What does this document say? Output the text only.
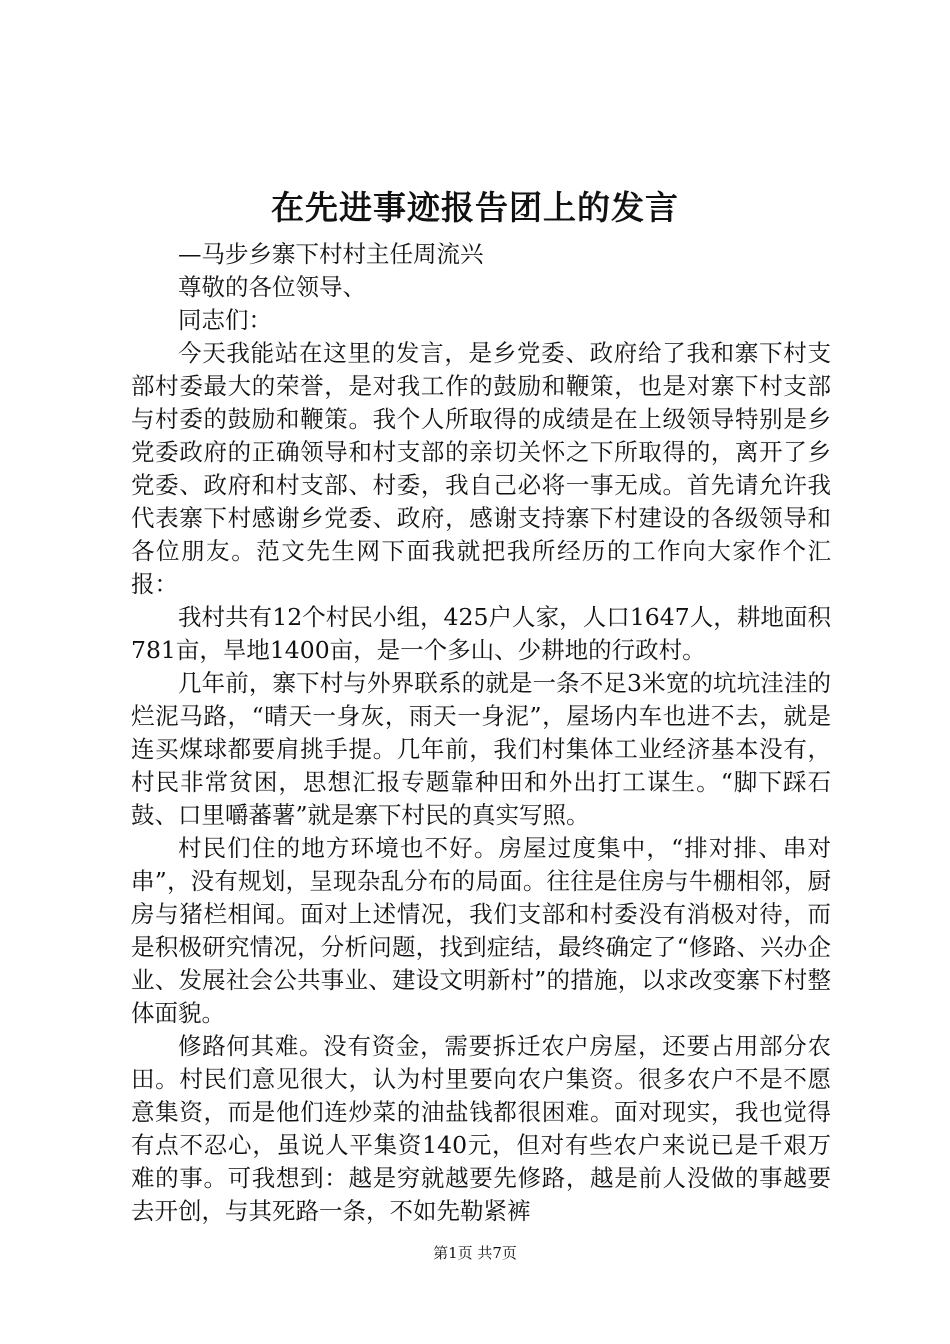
在先进事迹报告团上的发言

—马步乡寨下村村主任周流兴

尊敬的各位领导、

同志们：

今天我能站在这里的发言，是乡党委、政府给了我和寨下村支部村委最大的荣誉，是对我工作的鼓励和鞭策，也是对寨下村支部与村委的鼓励和鞭策。我个人所取得的成绩是在上级领导特别是乡党委政府的正确领导和村支部的亲切关怀之下所取得的，离开了乡党委、政府和村支部、村委，我自己必将一事无成。首先请允许我代表寨下村感谢乡党委、政府，感谢支持寨下村建设的各级领导和各位朋友。范文先生网下面我就把我所经历的工作向大家作个汇报：

我村共有12个村民小组，425户人家，人口1647人，耕地面积781亩，旱地1400亩，是一个多山、少耕地的行政村。

几年前，寨下村与外界联系的就是一条不足3米宽的坑坑洼洼的烂泥马路，“晴天一身灰，雨天一身泥”，屋场内车也进不去，就是连买煤球都要肩挑手提。几年前，我们村集体工业经济基本没有，村民非常贫困，思想汇报专题靠种田和外出打工谋生。“脚下踩石鼓、口里嚼蕃薯”就是寨下村民的真实写照。

村民们住的地方环境也不好。房屋过度集中，“排对排、串对串”，没有规划，呈现杂乱分布的局面。往往是住房与牛棚相邻，厨房与猪栏相闻。面对上述情况，我们支部和村委没有消极对待，而是积极研究情况，分析问题，找到症结，最终确定了“修路、兴办企业、发展社会公共事业、建设文明新村”的措施，以求改变寨下村整体面貌。

修路何其难。没有资金，需要拆迁农户房屋，还要占用部分农田。村民们意见很大，认为村里要向农户集资。很多农户不是不愿意集资，而是他们连炒菜的油盐钱都很困难。面对现实，我也觉得有点不忍心，虽说人平集资140元，但对有些农户来说已是千艰万难的事。可我想到：越是穷就越要先修路，越是前人没做的事越要去开创，与其死路一条，不如先勒紧裤

第1页 共7页
